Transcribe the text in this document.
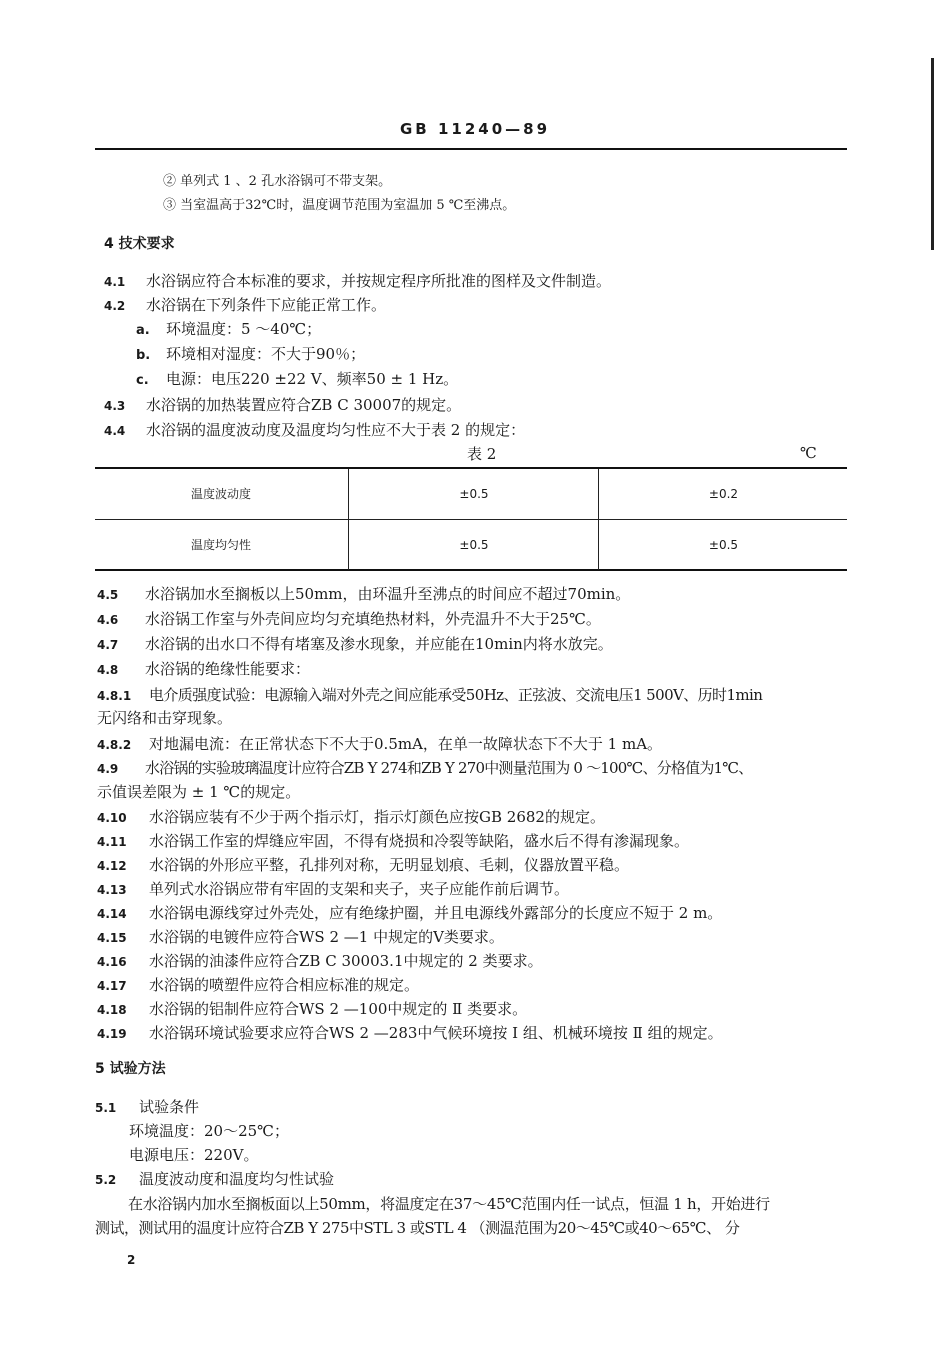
GB 11240—89
② 单列式 1 、2 孔水浴锅可不带支架。
③ 当室温高于32℃时，温度调节范围为室温加 5 ℃至沸点。
4 技术要求
4.1 水浴锅应符合本标准的要求，并按规定程序所批准的图样及文件制造。
4.2 水浴锅在下列条件下应能正常工作。
a. 环境温度：5 ～40℃；
b. 环境相对湿度：不大于90％；
c. 电源：电压220 ±22 V、频率50 ± 1 Hz。
4.3 水浴锅的加热装置应符合ZB C 30007的规定。
4.4 水浴锅的温度波动度及温度均匀性应不大于表 2 的规定：
表 2	℃
温度波动度	±0.5	±0.2
温度均匀性	±0.5	±0.5
4.5 水浴锅加水至搁板以上50mm，由环温升至沸点的时间应不超过70min。
4.6 水浴锅工作室与外壳间应均匀充填绝热材料，外壳温升不大于25℃。
4.7 水浴锅的出水口不得有堵塞及渗水现象，并应能在10min内将水放完。
4.8 水浴锅的绝缘性能要求：
4.8.1 电介质强度试验：电源输入端对外壳之间应能承受50Hz、正弦波、交流电压1 500V、历时1min
无闪络和击穿现象。
4.8.2 对地漏电流：在正常状态下不大于0.5mA，在单一故障状态下不大于 1 mA。
4.9 水浴锅的实验玻璃温度计应符合ZB Y 274和ZB Y 270中测量范围为 0 ～100℃、分格值为1℃、
示值误差限为 ± 1 ℃的规定。
4.10 水浴锅应装有不少于两个指示灯，指示灯颜色应按GB 2682的规定。
4.11 水浴锅工作室的焊缝应牢固，不得有烧损和冷裂等缺陷，盛水后不得有渗漏现象。
4.12 水浴锅的外形应平整，孔排列对称，无明显划痕、毛刺，仪器放置平稳。
4.13 单列式水浴锅应带有牢固的支架和夹子，夹子应能作前后调节。
4.14 水浴锅电源线穿过外壳处，应有绝缘护圈，并且电源线外露部分的长度应不短于 2 m。
4.15 水浴锅的电镀件应符合WS 2 —1 中规定的V类要求。
4.16 水浴锅的油漆件应符合ZB C 30003.1中规定的 2 类要求。
4.17 水浴锅的喷塑件应符合相应标准的规定。
4.18 水浴锅的铝制件应符合WS 2 —100中规定的 Ⅱ 类要求。
4.19 水浴锅环境试验要求应符合WS 2 —283中气候环境按 Ⅰ 组、机械环境按 Ⅱ 组的规定。
5 试验方法
5.1 试验条件
环境温度：20～25℃；
电源电压：220V。
5.2 温度波动度和温度均匀性试验
在水浴锅内加水至搁板面以上50mm，将温度定在37～45℃范围内任一试点，恒温 1 h，开始进行
测试，测试用的温度计应符合ZB Y 275中STL 3 或STL 4 （测温范围为20～45℃或40～65℃、 分
2
